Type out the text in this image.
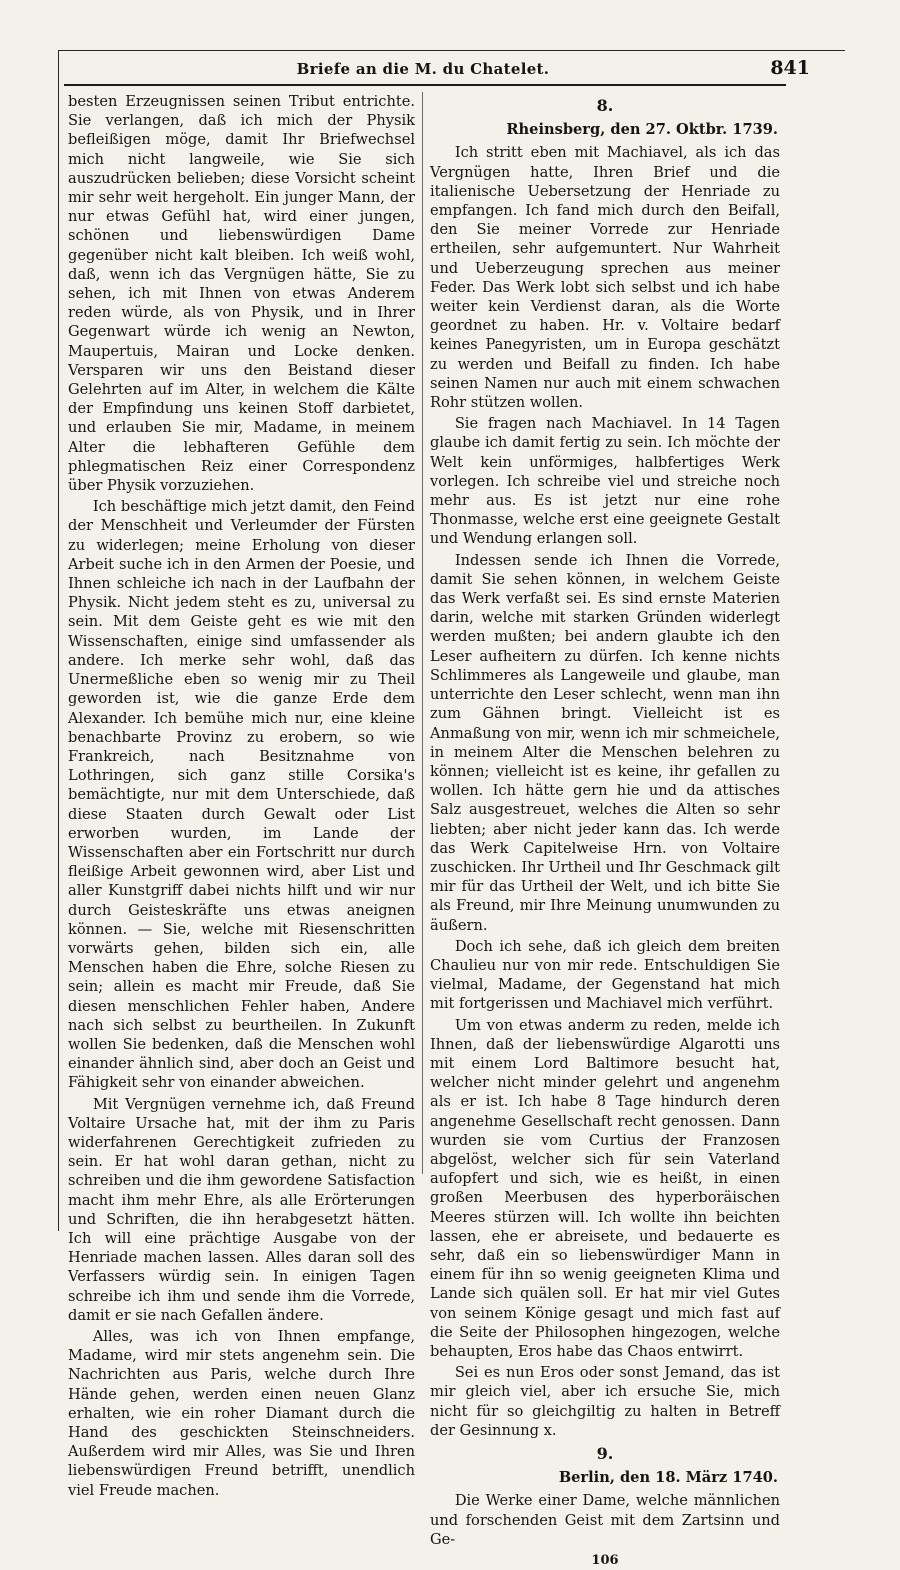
Briefe an die M. du Chatelet.	841

besten Erzeugnissen seinen Tribut entrichte. Sie verlangen, daß ich mich der Physik befleißigen möge, damit Ihr Briefwechsel mich nicht langweile, wie Sie sich auszudrücken belieben; diese Vorsicht scheint mir sehr weit hergeholt. Ein junger Mann, der nur etwas Gefühl hat, wird einer jungen, schönen und liebenswürdigen Dame gegenüber nicht kalt bleiben. Ich weiß wohl, daß, wenn ich das Vergnügen hätte, Sie zu sehen, ich mit Ihnen von etwas Anderem reden würde, als von Physik, und in Ihrer Gegenwart würde ich wenig an Newton, Maupertuis, Mairan und Locke denken. Versparen wir uns den Beistand dieser Gelehrten auf im Alter, in welchem die Kälte der Empfindung uns keinen Stoff darbietet, und erlauben Sie mir, Madame, in meinem Alter die lebhafteren Gefühle dem phlegmatischen Reiz einer Correspondenz über Physik vorzuziehen.

Ich beschäftige mich jetzt damit, den Feind der Menschheit und Verleumder der Fürsten zu widerlegen; meine Erholung von dieser Arbeit suche ich in den Armen der Poesie, und Ihnen schleiche ich nach in der Laufbahn der Physik. Nicht jedem steht es zu, universal zu sein. Mit dem Geiste geht es wie mit den Wissenschaften, einige sind umfassender als andere. Ich merke sehr wohl, daß das Unermeßliche eben so wenig mir zu Theil geworden ist, wie die ganze Erde dem Alexander. Ich bemühe mich nur, eine kleine benachbarte Provinz zu erobern, so wie Frankreich, nach Besitznahme von Lothringen, sich ganz stille Corsika's bemächtigte, nur mit dem Unterschiede, daß diese Staaten durch Gewalt oder List erworben wurden, im Lande der Wissenschaften aber ein Fortschritt nur durch fleißige Arbeit gewonnen wird, aber List und aller Kunstgriff dabei nichts hilft und wir nur durch Geisteskräfte uns etwas aneignen können. — Sie, welche mit Riesenschritten vorwärts gehen, bilden sich ein, alle Menschen haben die Ehre, solche Riesen zu sein; allein es macht mir Freude, daß Sie diesen menschlichen Fehler haben, Andere nach sich selbst zu beurtheilen. In Zukunft wollen Sie bedenken, daß die Menschen wohl einander ähnlich sind, aber doch an Geist und Fähigkeit sehr von einander abweichen.

Mit Vergnügen vernehme ich, daß Freund Voltaire Ursache hat, mit der ihm zu Paris widerfahrenen Gerechtigkeit zufrieden zu sein. Er hat wohl daran gethan, nicht zu schreiben und die ihm gewordene Satisfaction macht ihm mehr Ehre, als alle Erörterungen und Schriften, die ihn herabgesetzt hätten. Ich will eine prächtige Ausgabe von der Henriade machen lassen. Alles daran soll des Verfassers würdig sein. In einigen Tagen schreibe ich ihm und sende ihm die Vorrede, damit er sie nach Gefallen ändere.

Alles, was ich von Ihnen empfange, Madame, wird mir stets angenehm sein. Die Nachrichten aus Paris, welche durch Ihre Hände gehen, werden einen neuen Glanz erhalten, wie ein roher Diamant durch die Hand des geschickten Steinschneiders. Außerdem wird mir Alles, was Sie und Ihren liebenswürdigen Freund betrifft, unendlich viel Freude machen.

8.
Rheinsberg, den 27. Oktbr. 1739.

Ich stritt eben mit Machiavel, als ich das Vergnügen hatte, Ihren Brief und die italienische Uebersetzung der Henriade zu empfangen. Ich fand mich durch den Beifall, den Sie meiner Vorrede zur Henriade ertheilen, sehr aufgemuntert. Nur Wahrheit und Ueberzeugung sprechen aus meiner Feder. Das Werk lobt sich selbst und ich habe weiter kein Verdienst daran, als die Worte geordnet zu haben. Hr. v. Voltaire bedarf keines Panegyristen, um in Europa geschätzt zu werden und Beifall zu finden. Ich habe seinen Namen nur auch mit einem schwachen Rohr stützen wollen.

Sie fragen nach Machiavel. In 14 Tagen glaube ich damit fertig zu sein. Ich möchte der Welt kein unförmiges, halbfertiges Werk vorlegen. Ich schreibe viel und streiche noch mehr aus. Es ist jetzt nur eine rohe Thonmasse, welche erst eine geeignete Gestalt und Wendung erlangen soll.

Indessen sende ich Ihnen die Vorrede, damit Sie sehen können, in welchem Geiste das Werk verfaßt sei. Es sind ernste Materien darin, welche mit starken Gründen widerlegt werden mußten; bei andern glaubte ich den Leser aufheitern zu dürfen. Ich kenne nichts Schlimmeres als Langeweile und glaube, man unterrichte den Leser schlecht, wenn man ihn zum Gähnen bringt. Vielleicht ist es Anmaßung von mir, wenn ich mir schmeichele, in meinem Alter die Menschen belehren zu können; vielleicht ist es keine, ihr gefallen zu wollen. Ich hätte gern hie und da attisches Salz ausgestreuet, welches die Alten so sehr liebten; aber nicht jeder kann das. Ich werde das Werk Capitelweise Hrn. von Voltaire zuschicken. Ihr Urtheil und Ihr Geschmack gilt mir für das Urtheil der Welt, und ich bitte Sie als Freund, mir Ihre Meinung unumwunden zu äußern.

Doch ich sehe, daß ich gleich dem breiten Chaulieu nur von mir rede. Entschuldigen Sie vielmal, Madame, der Gegenstand hat mich mit fortgerissen und Machiavel mich verführt.

Um von etwas anderm zu reden, melde ich Ihnen, daß der liebenswürdige Algarotti uns mit einem Lord Baltimore besucht hat, welcher nicht minder gelehrt und angenehm als er ist. Ich habe 8 Tage hindurch deren angenehme Gesellschaft recht genossen. Dann wurden sie vom Curtius der Franzosen abgelöst, welcher sich für sein Vaterland aufopfert und sich, wie es heißt, in einen großen Meerbusen des hyperboräischen Meeres stürzen will. Ich wollte ihn beichten lassen, ehe er abreisete, und bedauerte es sehr, daß ein so liebenswürdiger Mann in einem für ihn so wenig geeigneten Klima und Lande sich quälen soll. Er hat mir viel Gutes von seinem Könige gesagt und mich fast auf die Seite der Philosophen hingezogen, welche behaupten, Eros habe das Chaos entwirrt.

Sei es nun Eros oder sonst Jemand, das ist mir gleich viel, aber ich ersuche Sie, mich nicht für so gleichgiltig zu halten in Betreff der Gesinnung x.

9.
Berlin, den 18. März 1740.

Die Werke einer Dame, welche männlichen und forschenden Geist mit dem Zartsinn und Ge-

106
